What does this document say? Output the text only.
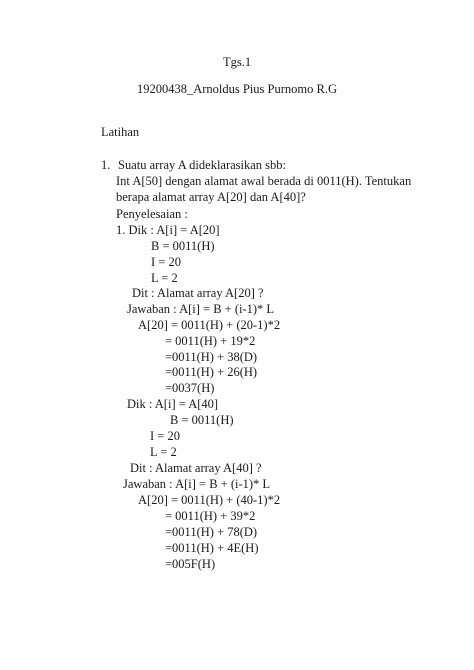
Tgs.1
19200438_Arnoldus Pius Purnomo R.G
Latihan
1. Suatu array A dideklarasikan sbb:
Int A[50] dengan alamat awal berada di 0011(H). Tentukan
berapa alamat array A[20] dan A[40]?
Penyelesaian :
1. Dik : A[i] = A[20]
B = 0011(H)
I = 20
L = 2
Dit : Alamat array A[20] ?
Jawaban : A[i] = B + (i-1)* L
A[20] = 0011(H) + (20-1)*2
= 0011(H) + 19*2
=0011(H) + 38(D)
=0011(H) + 26(H)
=0037(H)
Dik : A[i] = A[40]
B = 0011(H)
I = 20
L = 2
Dit : Alamat array A[40] ?
Jawaban : A[i] = B + (i-1)* L
A[20] = 0011(H) + (40-1)*2
= 0011(H) + 39*2
=0011(H) + 78(D)
=0011(H) + 4E(H)
=005F(H)
